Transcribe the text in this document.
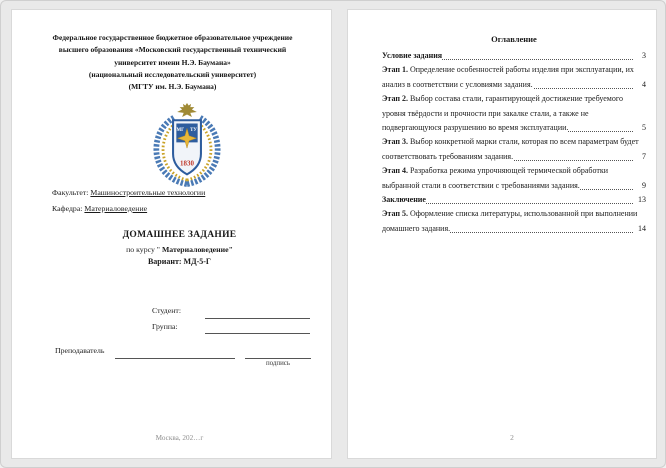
Федеральное государственное бюджетное образовательное учреждение
высшего образования «Московский государственный технический
университет имени Н.Э. Баумана»
(национальный исследовательский университет)
(МГТУ им. Н.Э. Баумана)
МГ ТУ
1830
Факультет: Машиностроительные технологии
Кафедра: Материаловедение
ДОМАШНЕЕ ЗАДАНИЕ
по курсу " Материаловедение"
Вариант: МД-5-Г
Студент:
Группа:
Преподаватель
подпись
Москва, 202…г
Оглавление
Условие задания	3
Этап 1. Определение особенностей работы изделия при эксплуатации, их анализ в соответствии с условиями задания.	4
Этап 2. Выбор состава стали, гарантирующей достижение требуемого уровня твёрдости и прочности при закалке стали, а также не подвергающуюся разрушению во время эксплуатации.	5
Этап 3. Выбор конкретной марки стали, которая по всем параметрам будет соответствовать требованиям задания.	7
Этап 4. Разработка режима упрочняющей термической обработки выбранной стали в соответствии с требованиями задания.	9
Заключение	13
Этап 5. Оформление списка литературы, использованной при выполнении домашнего задания.	14
2
